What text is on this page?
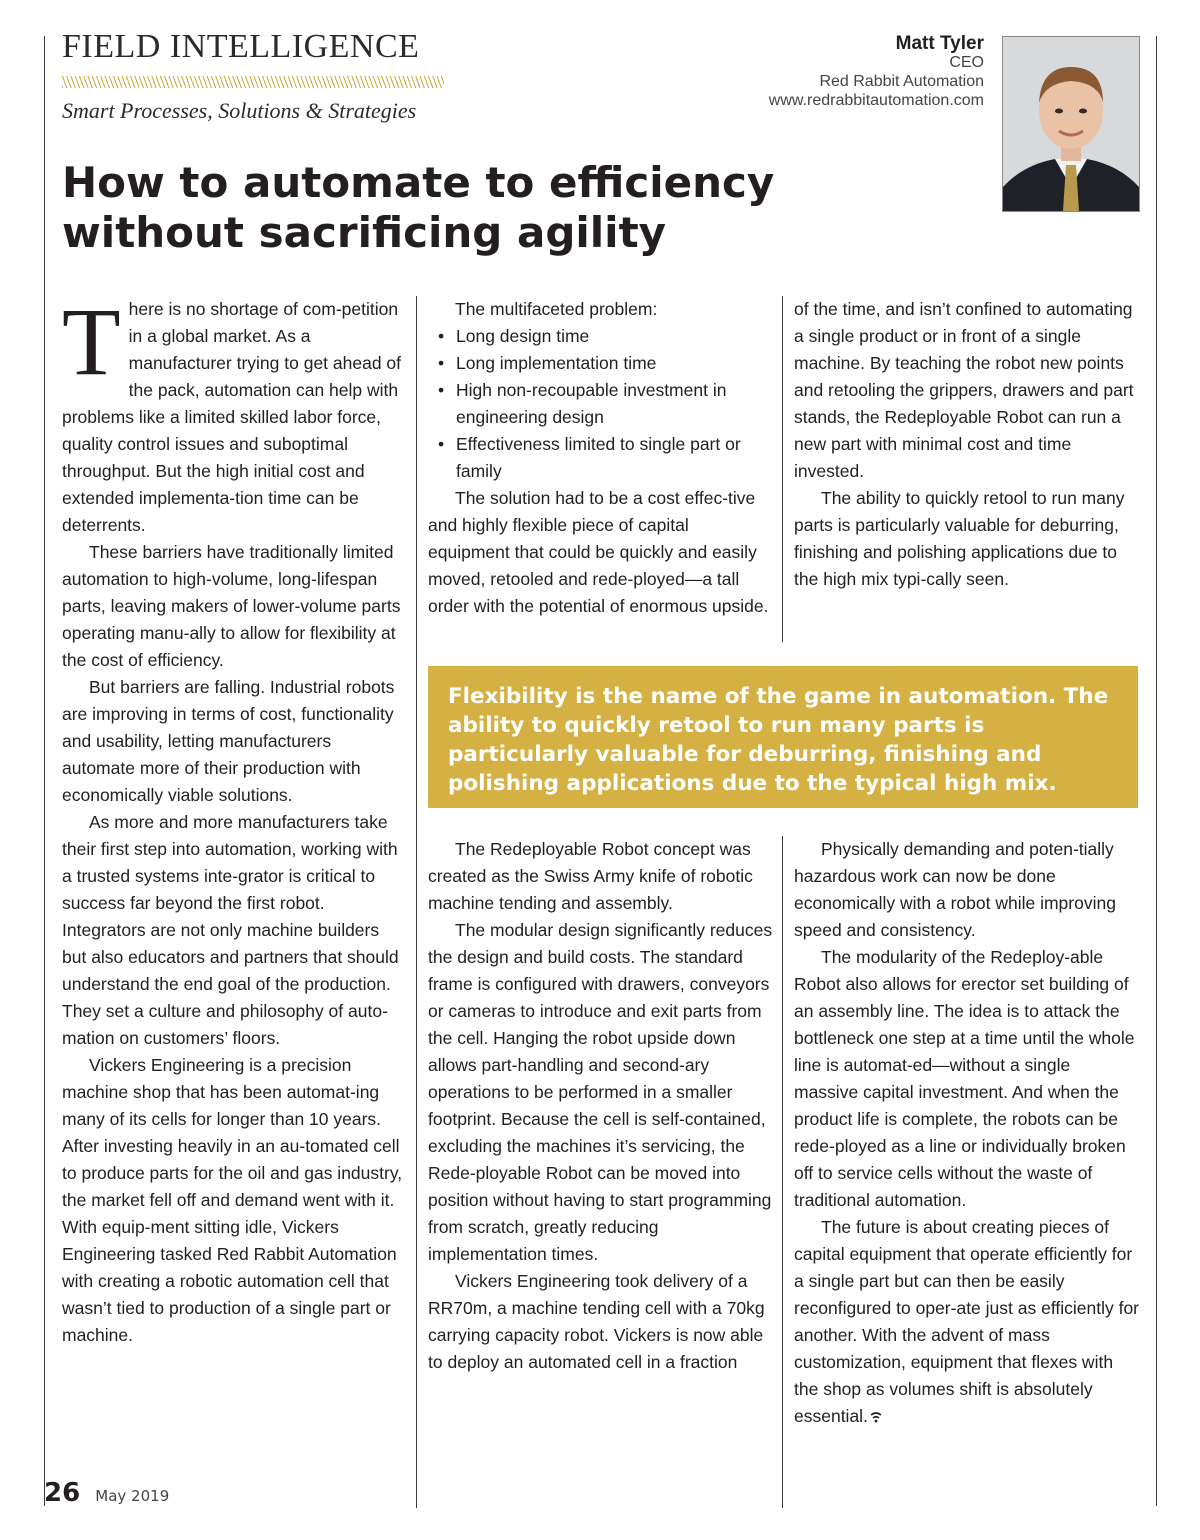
FIELD INTELLIGENCE
Smart Processes, Solutions & Strategies
Matt Tyler
CEO
Red Rabbit Automation
www.redrabbitautomation.com
How to automate to efficiency
without sacrificing agility

There is no shortage of com-petition in a global market. As a manufacturer trying to get ahead of the pack, automation can help with problems like a limited skilled labor force, quality control issues and suboptimal throughput. But the high initial cost and extended implementa-tion time can be deterrents.

These barriers have traditionally limited automation to high-volume, long-lifespan parts, leaving makers of lower-volume parts operating manu-ally to allow for flexibility at the cost of efficiency.

But barriers are falling. Industrial robots are improving in terms of cost, functionality and usability, letting manufacturers automate more of their production with economically viable solutions.

As more and more manufacturers take their first step into automation, working with a trusted systems inte-grator is critical to success far beyond the first robot. Integrators are not only machine builders but also educators and partners that should understand the end goal of the production. They set a culture and philosophy of auto-mation on customers’ floors.

Vickers Engineering is a precision machine shop that has been automat-ing many of its cells for longer than 10 years. After investing heavily in an au-tomated cell to produce parts for the oil and gas industry, the market fell off and demand went with it. With equip-ment sitting idle, Vickers Engineering tasked Red Rabbit Automation with creating a robotic automation cell that wasn’t tied to production of a single part or machine.

The multifaceted problem:

• Long design time
• Long implementation time
• High non-recoupable investment in engineering design
• Effectiveness limited to single part or family

The solution had to be a cost effec-tive and highly flexible piece of capital equipment that could be quickly and easily moved, retooled and rede-ployed—a tall order with the potential of enormous upside.

of the time, and isn’t confined to automating a single product or in front of a single machine. By teaching the robot new points and retooling the grippers, drawers and part stands, the Redeployable Robot can run a new part with minimal cost and time invested.

The ability to quickly retool to run many parts is particularly valuable for deburring, finishing and polishing applications due to the high mix typi-cally seen.

Flexibility is the name of the game in automation. The ability to quickly retool to run many parts is particularly valuable for deburring, finishing and polishing applications due to the typical high mix.

The Redeployable Robot concept was created as the Swiss Army knife of robotic machine tending and assembly.

The modular design significantly reduces the design and build costs. The standard frame is configured with drawers, conveyors or cameras to introduce and exit parts from the cell. Hanging the robot upside down allows part-handling and second-ary operations to be performed in a smaller footprint. Because the cell is self-contained, excluding the machines it’s servicing, the Rede-ployable Robot can be moved into position without having to start programming from scratch, greatly reducing implementation times.

Vickers Engineering took delivery of a RR70m, a machine tending cell with a 70kg carrying capacity robot. Vickers is now able to deploy an automated cell in a fraction

Physically demanding and poten-tially hazardous work can now be done economically with a robot while improving speed and consistency.

The modularity of the Redeploy-able Robot also allows for erector set building of an assembly line. The idea is to attack the bottleneck one step at a time until the whole line is automat-ed—without a single massive capital investment. And when the product life is complete, the robots can be rede-ployed as a line or individually broken off to service cells without the waste of traditional automation.

The future is about creating pieces of capital equipment that operate efficiently for a single part but can then be easily reconfigured to oper-ate just as efficiently for another. With the advent of mass customization, equipment that flexes with the shop as volumes shift is absolutely essential.

26 May 2019
